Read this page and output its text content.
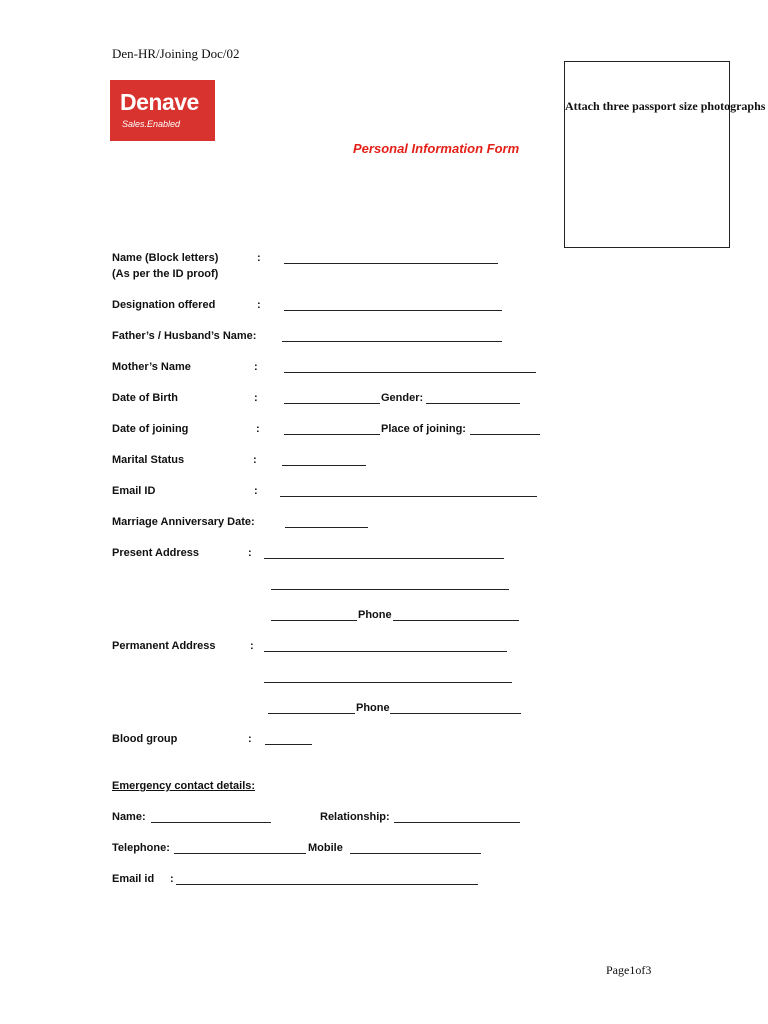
Den-HR/Joining Doc/02
Denave
Sales.Enabled
Personal Information Form
Attach three passport size photographs
Name (Block letters)
(As per the ID proof)
:
Designation offered	:
Father’s / Husband’s Name:
Mother’s Name	:
Date of Birth	:	Gender:
Date of joining	:	Place of joining:
Marital Status	:
Email ID	:
Marriage Anniversary Date:
Present Address	:
Phone
Permanent Address	:
Phone
Blood group	:
Emergency contact details:
Name:	Relationship:
Telephone:	Mobile
Email id :
Page1of3
